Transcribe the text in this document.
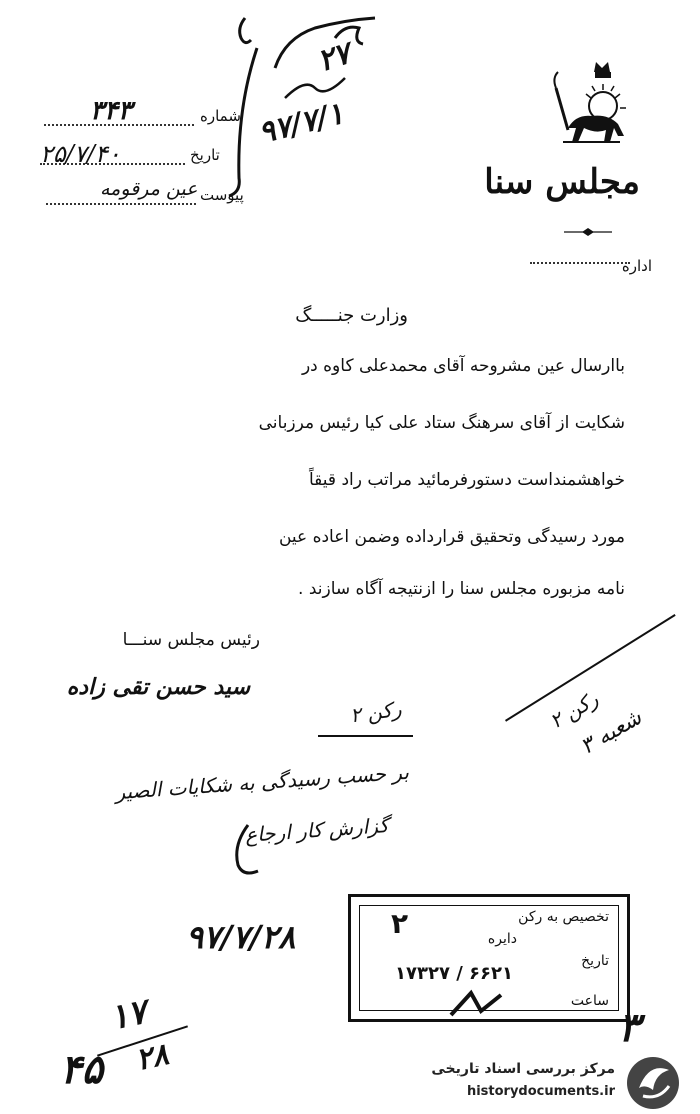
مجلس سنا
اداره
شماره
۳۴۳
تاریخ
۲۵/۷/۴۰
پیوست
عین مرقومه
۲۷
۹۷/۷/۱
وزارت جنـــــگ
باارسال عین مشروحه آقای محمدعلی کاوه در
شکایت از آقای سرهنگ ستاد علی کیا رئیس مرزبانی
خواهشمنداست دستورفرمائید مراتب راد قیقاً
مورد رسیدگی وتحقیق قرارداده وضمن اعاده عین
نامه مزبوره مجلس سنا را ازنتیجه آگاه سازند .
رئیس مجلس سنـــا
سید حسن تقی زاده
رکن ۲
بر حسب رسیدگی به شکایات الصیر
گزارش کار ارجاع
۹۷/۷/۲۸
شعبه ۳
رکن ۲
تخصیص به رکن
۲	دایره
تاریخ
۱۷۳۲۷ / ۶۶۲۱
ساعت
۱۷
۲۸
۴۵
۳
مرکز بررسی اسناد تاریخی
historydocuments.ir
